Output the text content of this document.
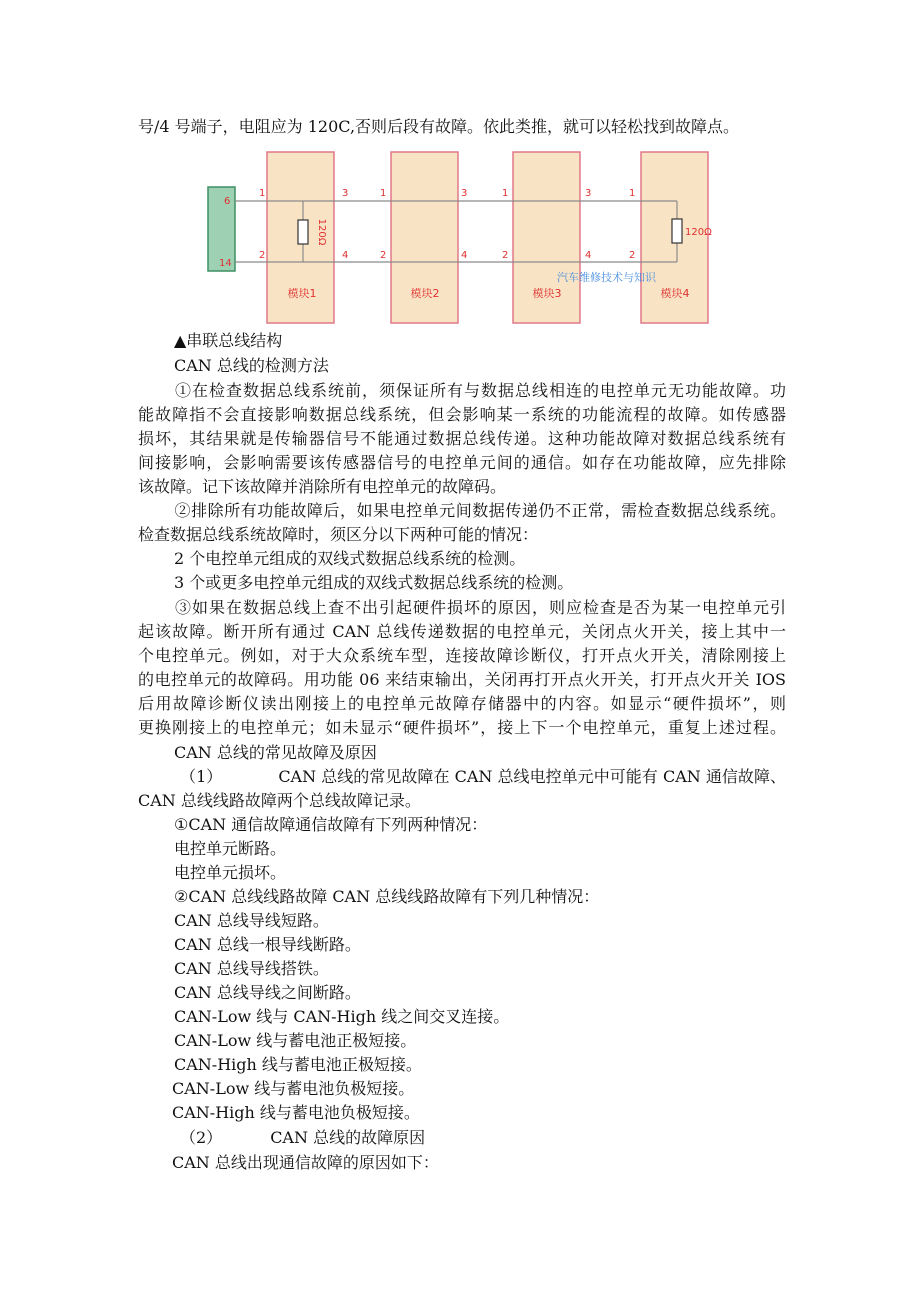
号/4 号端子，电阻应为 120C,否则后段有故障。依此类推，就可以轻松找到故障点。
120Ω	120Ω
6
14
1
2
3
4
1
2
3
4
1
2
3
4
1
2
汽车维修技术与知识
模块1	模块2	模块3	模块4
▲串联总线结构
CAN 总线的检测方法
①在检查数据总线系统前，须保证所有与数据总线相连的电控单元无功能故障。功
能故障指不会直接影响数据总线系统，但会影响某一系统的功能流程的故障。如传感器
损坏，其结果就是传输器信号不能通过数据总线传递。这种功能故障对数据总线系统有
间接影响，会影响需要该传感器信号的电控单元间的通信。如存在功能故障，应先排除
该故障。记下该故障并消除所有电控单元的故障码。
②排除所有功能故障后，如果电控单元间数据传递仍不正常，需检查数据总线系统。
检查数据总线系统故障时，须区分以下两种可能的情况：
2 个电控单元组成的双线式数据总线系统的检测。
3 个或更多电控单元组成的双线式数据总线系统的检测。
③如果在数据总线上查不出引起硬件损坏的原因，则应检查是否为某一电控单元引
起该故障。断开所有通过 CAN 总线传递数据的电控单元，关闭点火开关，接上其中一
个电控单元。例如，对于大众系统车型，连接故障诊断仪，打开点火开关，清除刚接上
的电控单元的故障码。用功能 06 来结束输出，关闭再打开点火开关，打开点火开关 IOS
后用故障诊断仪读出刚接上的电控单元故障存储器中的内容。如显示“硬件损坏”，则
更换刚接上的电控单元；如未显示“硬件损坏”，接上下一个电控单元，重复上述过程。
CAN 总线的常见故障及原因
（1）	CAN 总线的常见故障在 CAN 总线电控单元中可能有 CAN 通信故障、
CAN 总线线路故障两个总线故障记录。
①CAN 通信故障通信故障有下列两种情况：
电控单元断路。
电控单元损坏。
②CAN 总线线路故障 CAN 总线线路故障有下列几种情况：
CAN 总线导线短路。
CAN 总线一根导线断路。
CAN 总线导线搭铁。
CAN 总线导线之间断路。
CAN-Low 线与 CAN-High 线之间交叉连接。
CAN-Low 线与蓄电池正极短接。
CAN-High 线与蓄电池正极短接。
CAN-Low 线与蓄电池负极短接。
CAN-High 线与蓄电池负极短接。
（2）	CAN 总线的故障原因
CAN 总线出现通信故障的原因如下：
